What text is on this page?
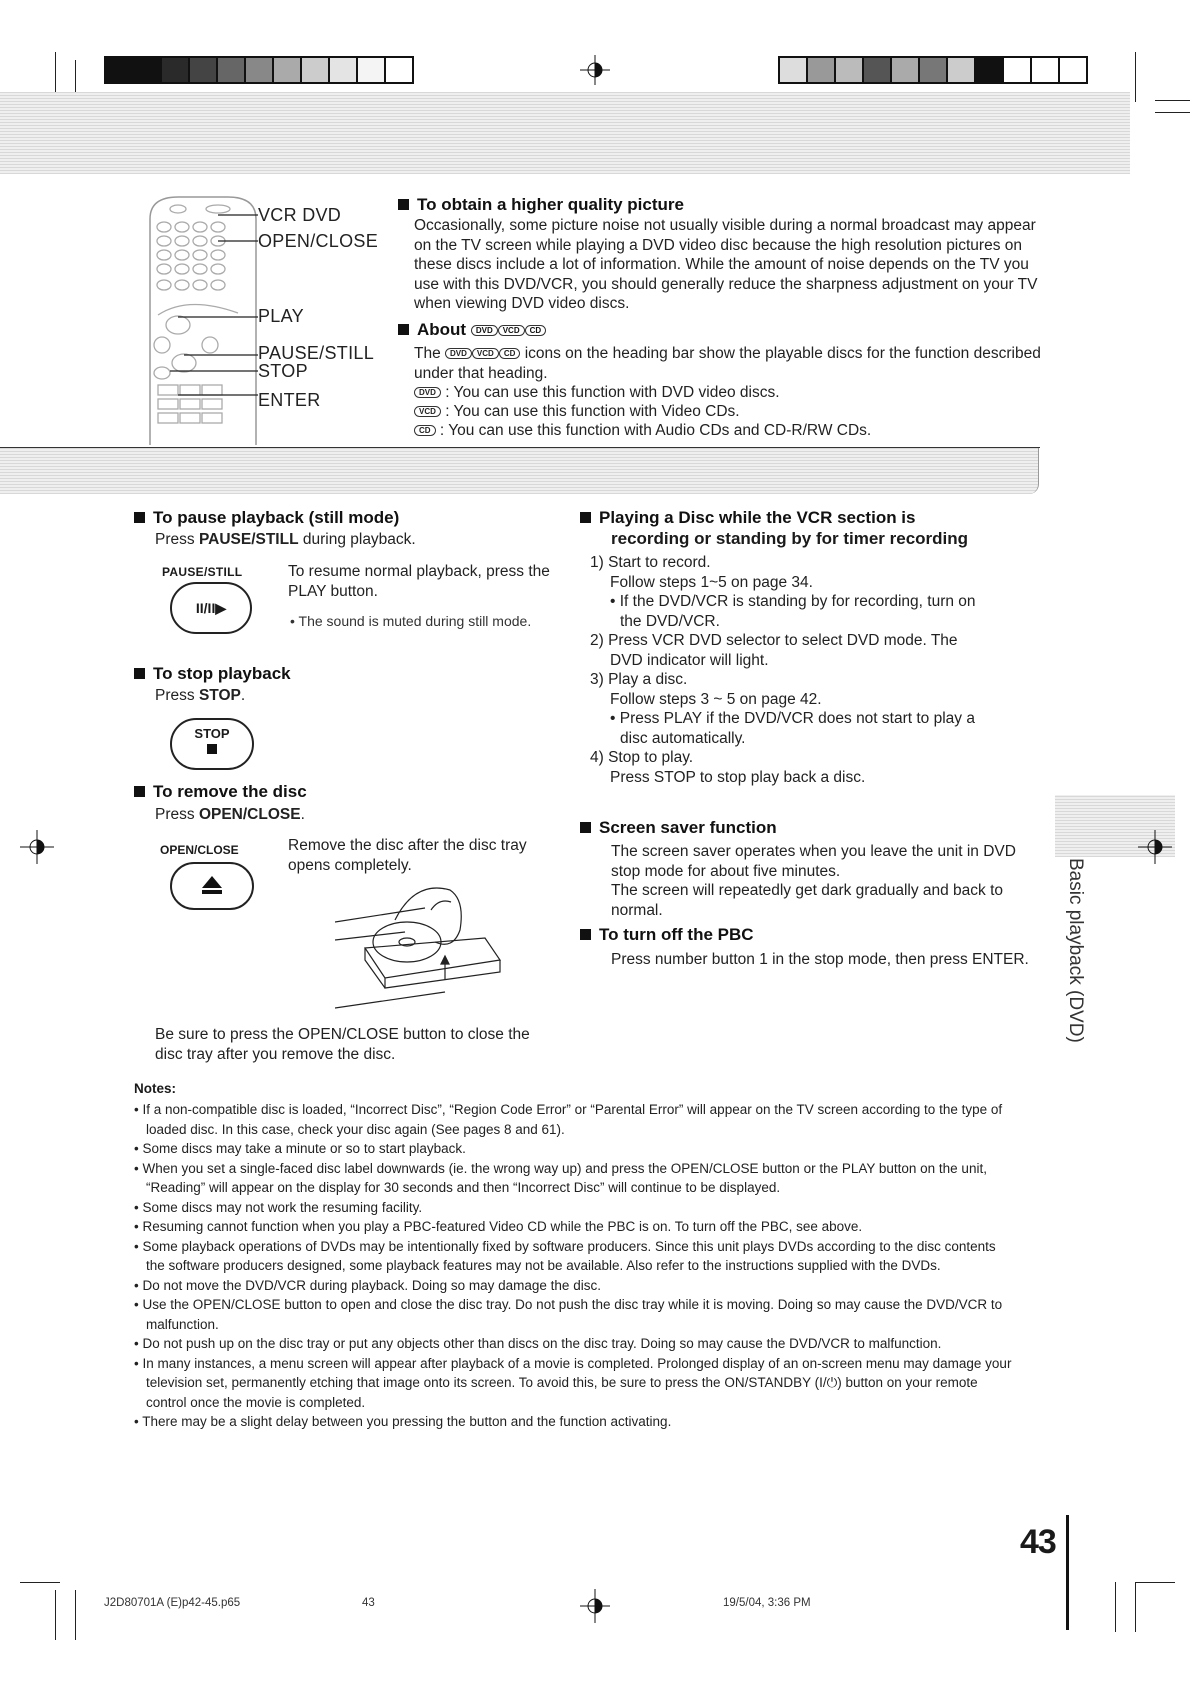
VCR DVD
OPEN/CLOSE
PLAY
PAUSE/STILL
STOP
ENTER
To obtain a higher quality picture
Occasionally, some picture noise not usually visible during a normal broadcast may appear on the TV screen while playing a DVD video disc because the high resolution pictures on these discs include a lot of information. While the amount of noise depends on the TV you use with this DVD/VCR, you should generally reduce the sharpness adjustment on your TV when viewing DVD video discs.
About DVD VCD CD
The DVD VCD CD icons on the heading bar show the playable discs for the function described under that heading.
DVD : You can use this function with DVD video discs.
VCD : You can use this function with Video CDs.
CD : You can use this function with Audio CDs and CD-R/RW CDs.
To pause playback (still mode)
Press PAUSE/STILL during playback.
PAUSE/STILL
II/II▶
To resume normal playback, press the PLAY button.
• The sound is muted during still mode.
To stop playback
Press STOP.
STOP
To remove the disc
Press OPEN/CLOSE.
OPEN/CLOSE	Remove the disc after the disc tray opens completely.
Be sure to press the OPEN/CLOSE button to close the disc tray after you remove the disc.
Playing a Disc while the VCR section is
recording or standing by for timer recording
1) Start to record.
Follow steps 1~5 on page 34.
• If the DVD/VCR is standing by for recording, turn on
the DVD/VCR.
2) Press VCR DVD selector to select DVD mode. The
DVD indicator will light.
3) Play a disc.
Follow steps 3 ~ 5 on page 42.
• Press PLAY if the DVD/VCR does not start to play a
disc automatically.
4) Stop to play.
Press STOP to stop play back a disc.
Screen saver function
The screen saver operates when you leave the unit in DVD stop mode for about five minutes.
The screen will repeatedly get dark gradually and back to normal.
To turn off the PBC
Press number button 1 in the stop mode, then press ENTER. Basic playback (DVD)
Notes:

• If a non-compatible disc is loaded, “Incorrect Disc”, “Region Code Error” or “Parental Error” will appear on the TV screen according to the type of loaded disc. In this case, check your disc again (See pages 8 and 61).

• Some discs may take a minute or so to start playback.

• When you set a single-faced disc label downwards (ie. the wrong way up) and press the OPEN/CLOSE button or the PLAY button on the unit, “Reading” will appear on the display for 30 seconds and then “Incorrect Disc” will continue to be displayed.

• Some discs may not work the resuming facility.

• Resuming cannot function when you play a PBC-featured Video CD while the PBC is on. To turn off the PBC, see above.

• Some playback operations of DVDs may be intentionally fixed by software producers. Since this unit plays DVDs according to the disc contents the software producers designed, some playback features may not be available. Also refer to the instructions supplied with the DVDs.

• Do not move the DVD/VCR during playback. Doing so may damage the disc.

• Use the OPEN/CLOSE button to open and close the disc tray. Do not push the disc tray while it is moving. Doing so may cause the DVD/VCR to malfunction.

• Do not push up on the disc tray or put any objects other than discs on the disc tray. Doing so may cause the DVD/VCR to malfunction.

• In many instances, a menu screen will appear after playback of a movie is completed. Prolonged display of an on-screen menu may damage your television set, permanently etching that image onto its screen. To avoid this, be sure to press the ON/STANDBY (I/⏻) button on your remote control once the movie is completed.

• There may be a slight delay between you pressing the button and the function activating.

43
J2D80701A (E)p42-45.p65	43	19/5/04, 3:36 PM
